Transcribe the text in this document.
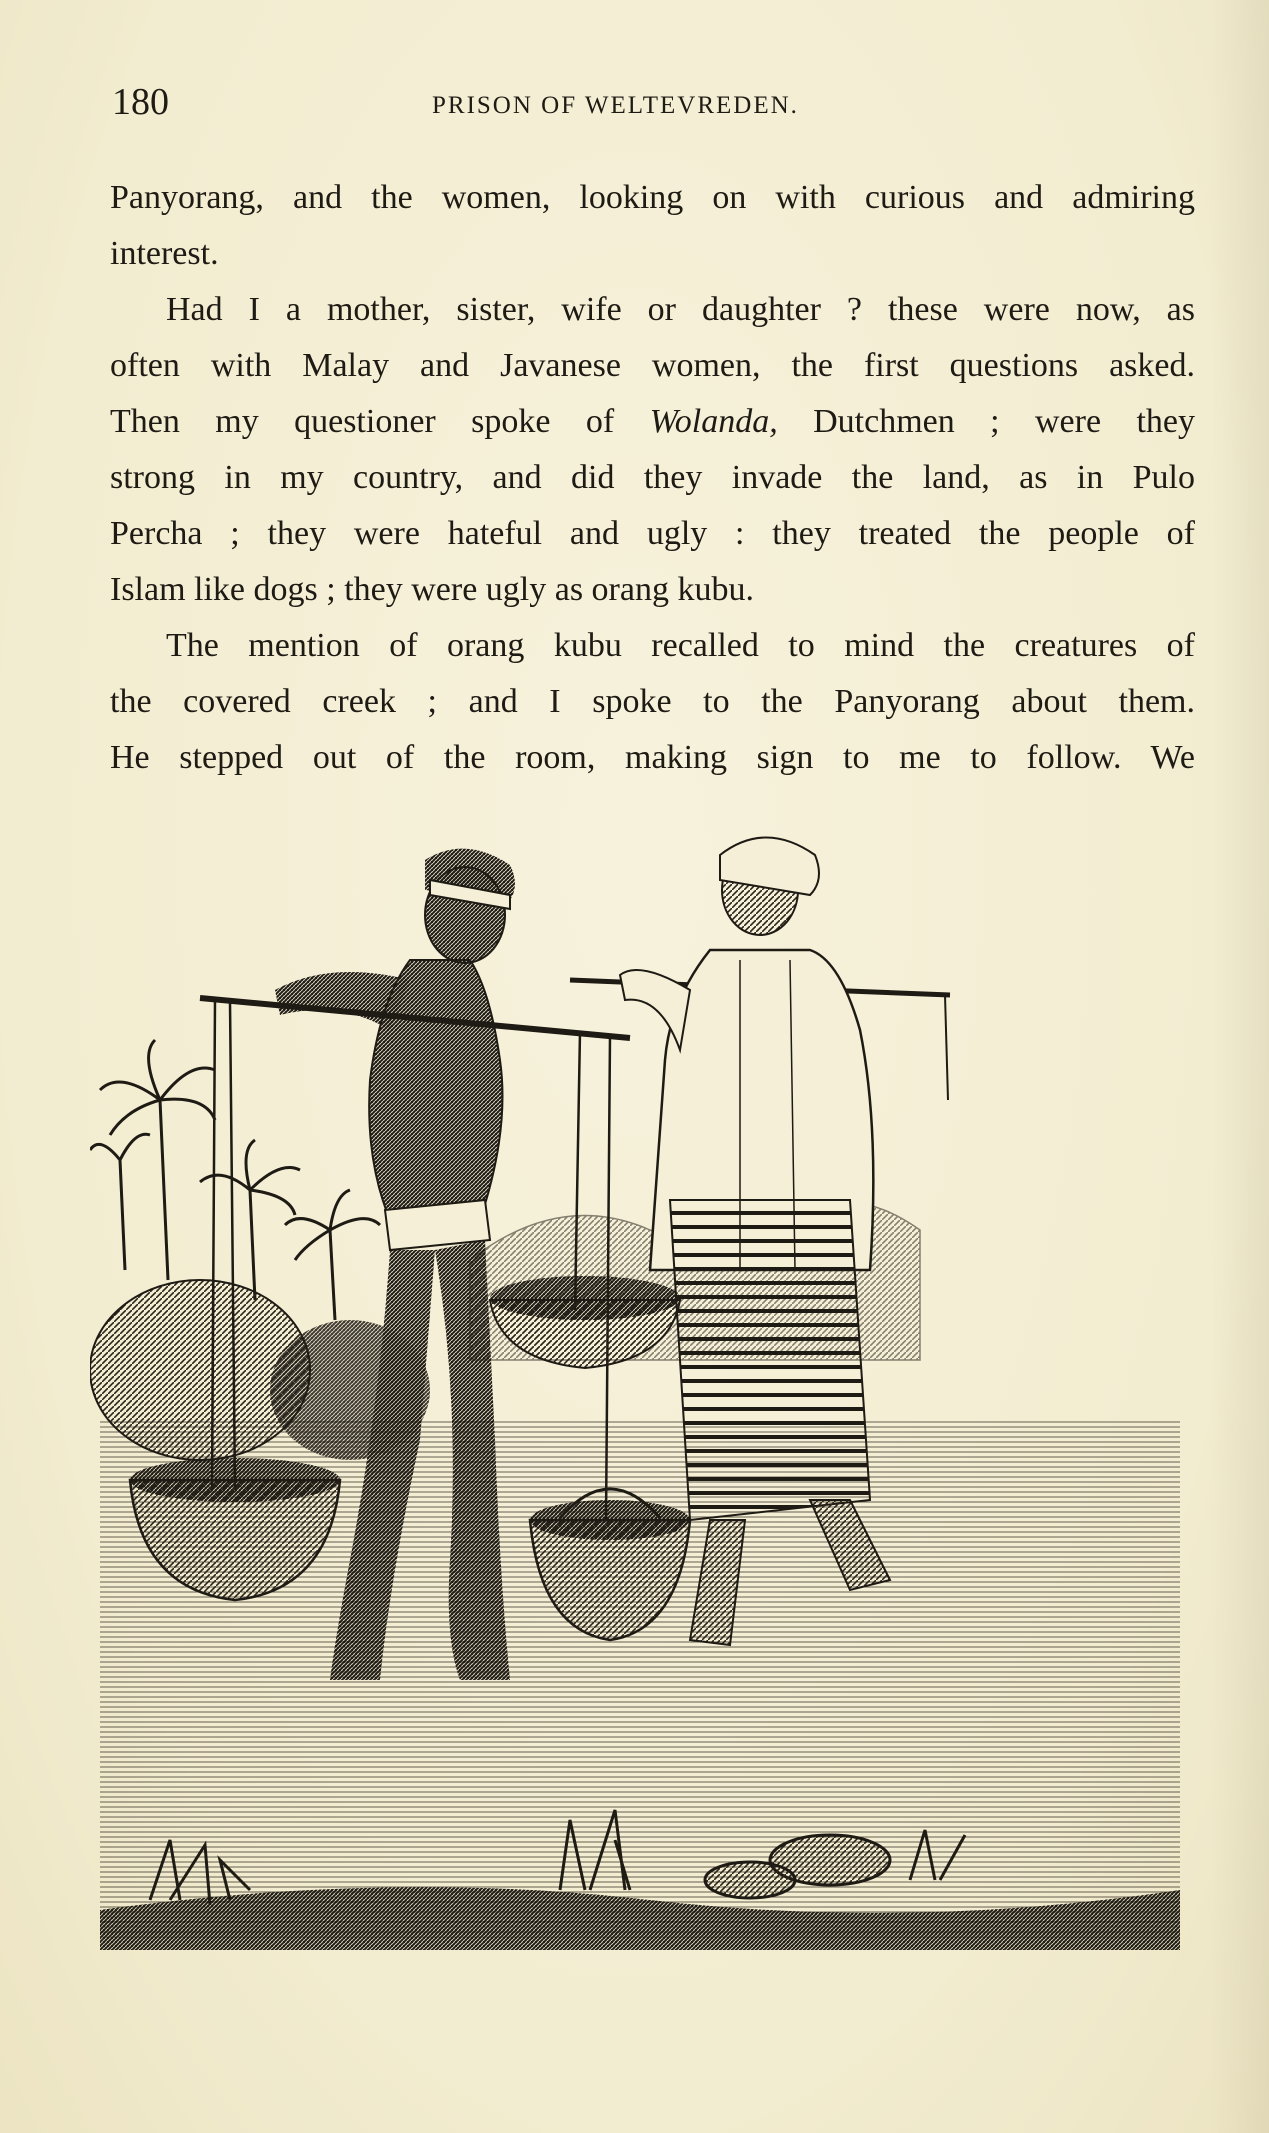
180	PRISON OF WELTEVREDEN.

Panyorang, and the women, looking on with curious and admiring

interest.

Had I a mother, sister, wife or daughter ? these were now, as

often with Malay and Javanese women, the first questions asked.

Then my questioner spoke of Wolanda, Dutchmen ; were they

strong in my country, and did they invade the land, as in Pulo

Percha ; they were hateful and ugly : they treated the people of

Islam like dogs ; they were ugly as orang kubu.

The mention of orang kubu recalled to mind the creatures of

the covered creek ; and I spoke to the Panyorang about them.

He stepped out of the room, making sign to me to follow. We
